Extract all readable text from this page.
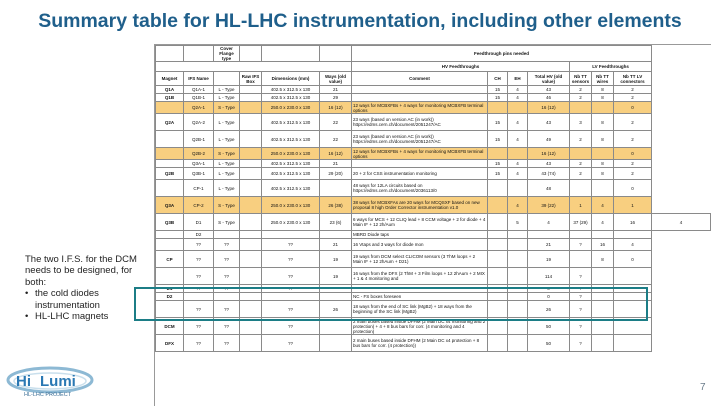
Summary table for HL-LHC instrumentation, including other elements
		Cover Flange type				Feedthrough pins needed							
						HV Feedthroughs				LV Feedthroughs			
Magnet	IFS Name		Raw IFS Box	Dimensions (mm)	Ways (old value)	Comment	CH	EH	Total HV (old value)	Nb TT sensors	Nb TT wires	Nb TT LV connectors	
Q1A	Q1A-1	L - Type		402.5 x 312.5 x 130	21		15	4	43	2	8	2	
Q1B	Q1B-1	L - Type		402.5 x 312.5 x 130	29		15	4	46	2	8	2	
	Q2A-1	S - Type		250.0 x 230.0 x 130	16 (12)	12 ways for MCBXFBs + 4 ways for monitoring MCBXFB terminal options			16 (12)			0	
Q2A	Q2A-2	L - Type		402.5 x 312.5 x 130	22	23 ways (based on version AC (in work)) https://edms.cern.ch/document/2051247/AC	15	4	43	3	8	2	
	Q2B-1	L - Type		402.5 x 312.5 x 130	22	23 ways (based on version AC (in work)) https://edms.cern.ch/document/2051247/AC	15	4	49	2	8	2	
	Q2B-2	S - Type		250.0 x 230.0 x 130	16 (12)	12 ways for MCBXFBs + 4 ways for monitoring MCBXFB terminal options			16 (12)			0	
	Q3A-1	L - Type		402.5 x 312.5 x 130	21		15	4	43	2	8	2	
Q2B	Q3B-1	L - Type		402.5 x 312.5 x 130	29 (20)	20 + 2 for CSS instrumentation monitoring	15	4	43 (74)	2	8	2	
	CP-1	L - Type		402.5 x 312.5 x 130		48 ways for 12LA circuits based on https://edms.cern.ch/document/2036113/0			48			0	
Q3A	CP-2	S - Type		250.0 x 230.0 x 130	26 (38)	38 ways for MCBXFAs are 20 ways for MCQSXF based on new proposal 8 high Order Corrector instrumentation v1.0		4	39 (22)	1	4	1	
Q3B	D1	S - Type		250.0 x 230.0 x 130	23 (6)	6 ways for MCS + 12 CLIQ lead + 8 CCM voltage + 2 for diode + 4 Main IF + 12 2h/Aum		5	4	37 (29)	4	16	4
	D2					MBRD Diode taps							
	??	??		??	21	16 Vtaps and 3 ways for diode mon			21	?	16	4	
CP	??	??		??	19	19 ways from DCM select CLICOM sensors (3 ThM loops + 2 Main IF + 12 2hAum + D21)			19		8	0	
	??	??		??	19	16 ways from the DFX (2 ThM + 3 Film loops + 12 2hAum + 2 MIX + 1 & 4 monitoring and			114	?			
D1	??	??		??					0	?			
D2						NC - FS boxes foreseen			0	?			
	??	??		??	26	18 ways from the end of SC link (MgB2) + 18 ways from the beginning of the SC link (MgB2)			26	?			
DCM	??	??		??		2 main buses based inside DFHM (2 Main DC x4 monitoring and 2 protection) + 4 + 8 bus bars for corr. (4 monitoring and 4 protection)			50	?			
DFX	??	??		??		2 main buses based inside DFHM (2 Main DC x4 protection + 8 bus bars for corr. (4 protection))			50	?			
The two I.F.S. for the DCM needs to be designed, for both:
• the cold diodes instrumentation
• HL-LHC magnets
Hi Lumi
HL-LHC PROJECT
7
